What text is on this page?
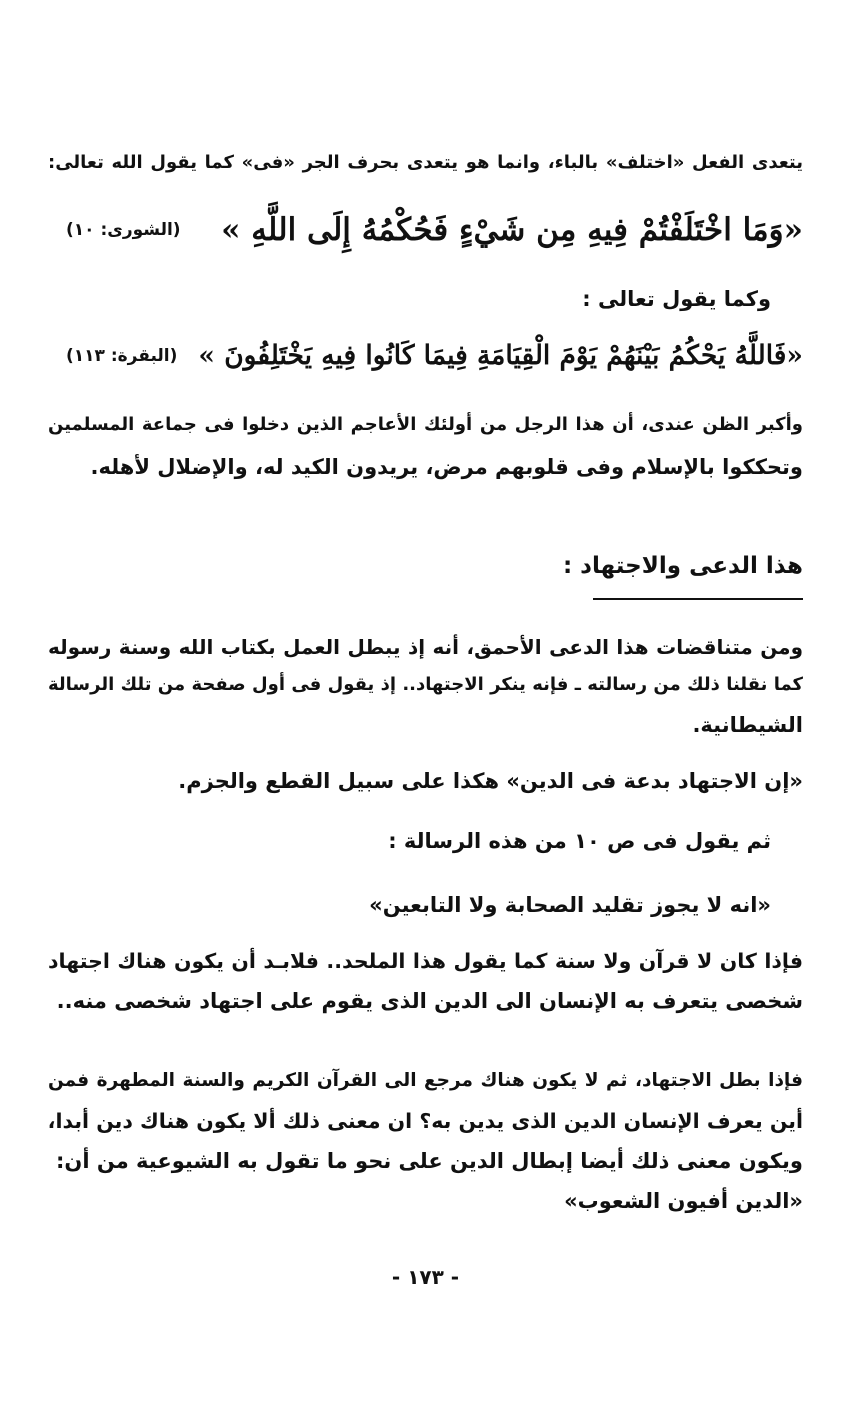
يتعدى الفعل «اختلف» بالباء، وانما هو يتعدى بحرف الجر «فى» كما يقول الله تعالى:
«وَمَا اخْتَلَفْتُمْ فِيهِ مِن شَيْءٍ فَحُكْمُهُ إِلَى اللَّهِ »
(الشورى: ١٠)
وكما يقول تعالى :
«فَاللَّهُ يَحْكُمُ بَيْنَهُمْ يَوْمَ الْقِيَامَةِ فِيمَا كَانُوا فِيهِ يَخْتَلِفُونَ »
(البقرة: ١١٣)
وأكبر الظن عندى، أن هذا الرجل من أولئك الأعاجم الذين دخلوا فى جماعة المسلمين
وتحككوا بالإسلام وفى قلوبهم مرض، يريدون الكيد له، والإضلال لأهله.
هذا الدعى والاجتهاد :
ومن متناقضات هذا الدعى الأحمق، أنه إذ يبطل العمل بكتاب الله وسنة رسوله
كما نقلنا ذلك من رسالته ـ فإنه ينكر الاجتهاد.. إذ يقول فى أول صفحة من تلك الرسالة
الشيطانية.
«إن الاجتهاد بدعة فى الدين» هكذا على سبيل القطع والجزم.
ثم يقول فى ص ١٠ من هذه الرسالة :
«انه لا يجوز تقليد الصحابة ولا التابعين»
فإذا كان لا قرآن ولا سنة كما يقول هذا الملحد.. فلابـد أن يكون هناك اجتهاد
شخصى يتعرف به الإنسان الى الدين الذى يقوم على اجتهاد شخصى منه..
فإذا بطل الاجتهاد، ثم لا يكون هناك مرجع الى القرآن الكريم والسنة المطهرة فمن
أين يعرف الإنسان الدين الذى يدين به؟ ان معنى ذلك ألا يكون هناك دين أبدا،
ويكون معنى ذلك أيضا إبطال الدين على نحو ما تقول به الشيوعية من أن:
«الدين أفيون الشعوب»
- ١٧٣ -
